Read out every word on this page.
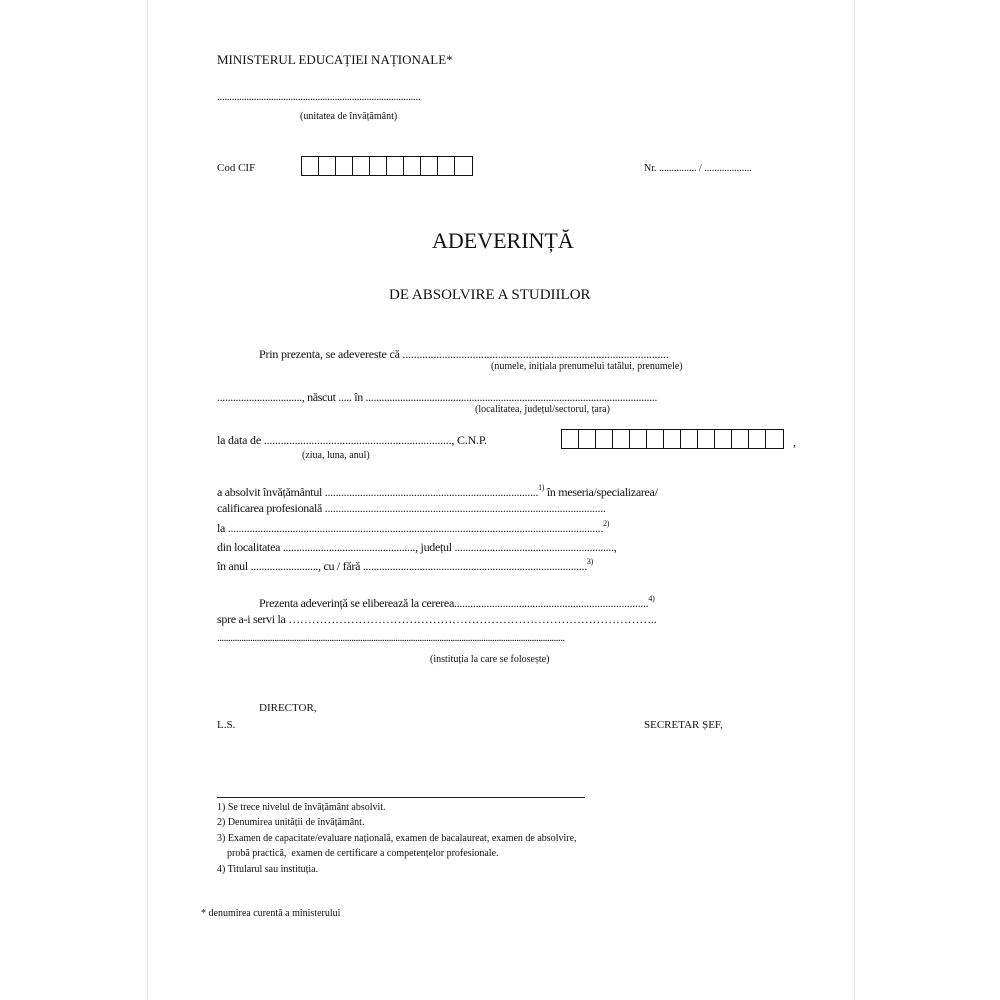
MINISTERUL EDUCAȚIEI NAȚIONALE*
...................................................................................
(unitatea de învățământ)
Cod CIF	Nr. ............... / ...................
ADEVERINȚĂ
DE ABSOLVIRE A STUDIILOR
Prin prezenta, se adevereste că ...............................................................................................
(numele, inițiala prenumelui tatălui, prenumele)
................................, născut ..... în ..............................................................................................................
(localitatea, județul/sectorul, țara)
la data de ..................................................................., C.N.P.	,
(ziua, luna, anul)
a absolvit învățământul ...............................................................................$^{1)}$ în meseria/specializarea/
calificarea profesională ........................................................................................................
la ...........................................................................................................................................$^{2)}$
din localitatea ................................................., județul ...........................................................,
în anul ........................., cu / fără ...................................................................................$^{3)}$
Prezenta adeverință se eliberează la cererea........................................................................$^{4)}$
spre a-i servi la …………………………………………………………………………………..
..............................................................................................................................................................
(instituția la care se folosește)
DIRECTOR,
L.S.	SECRETAR ȘEF,
1) Se trece nivelul de învățământ absolvit.
2) Denumirea unității de învățământ.
3) Examen de capacitate/evaluare națională, examen de bacalaureat, examen de absolvire,
probă practică,  examen de certificare a competențelor profesionale.
4) Titularul sau instituția.
* denumirea curentă a ministerului
